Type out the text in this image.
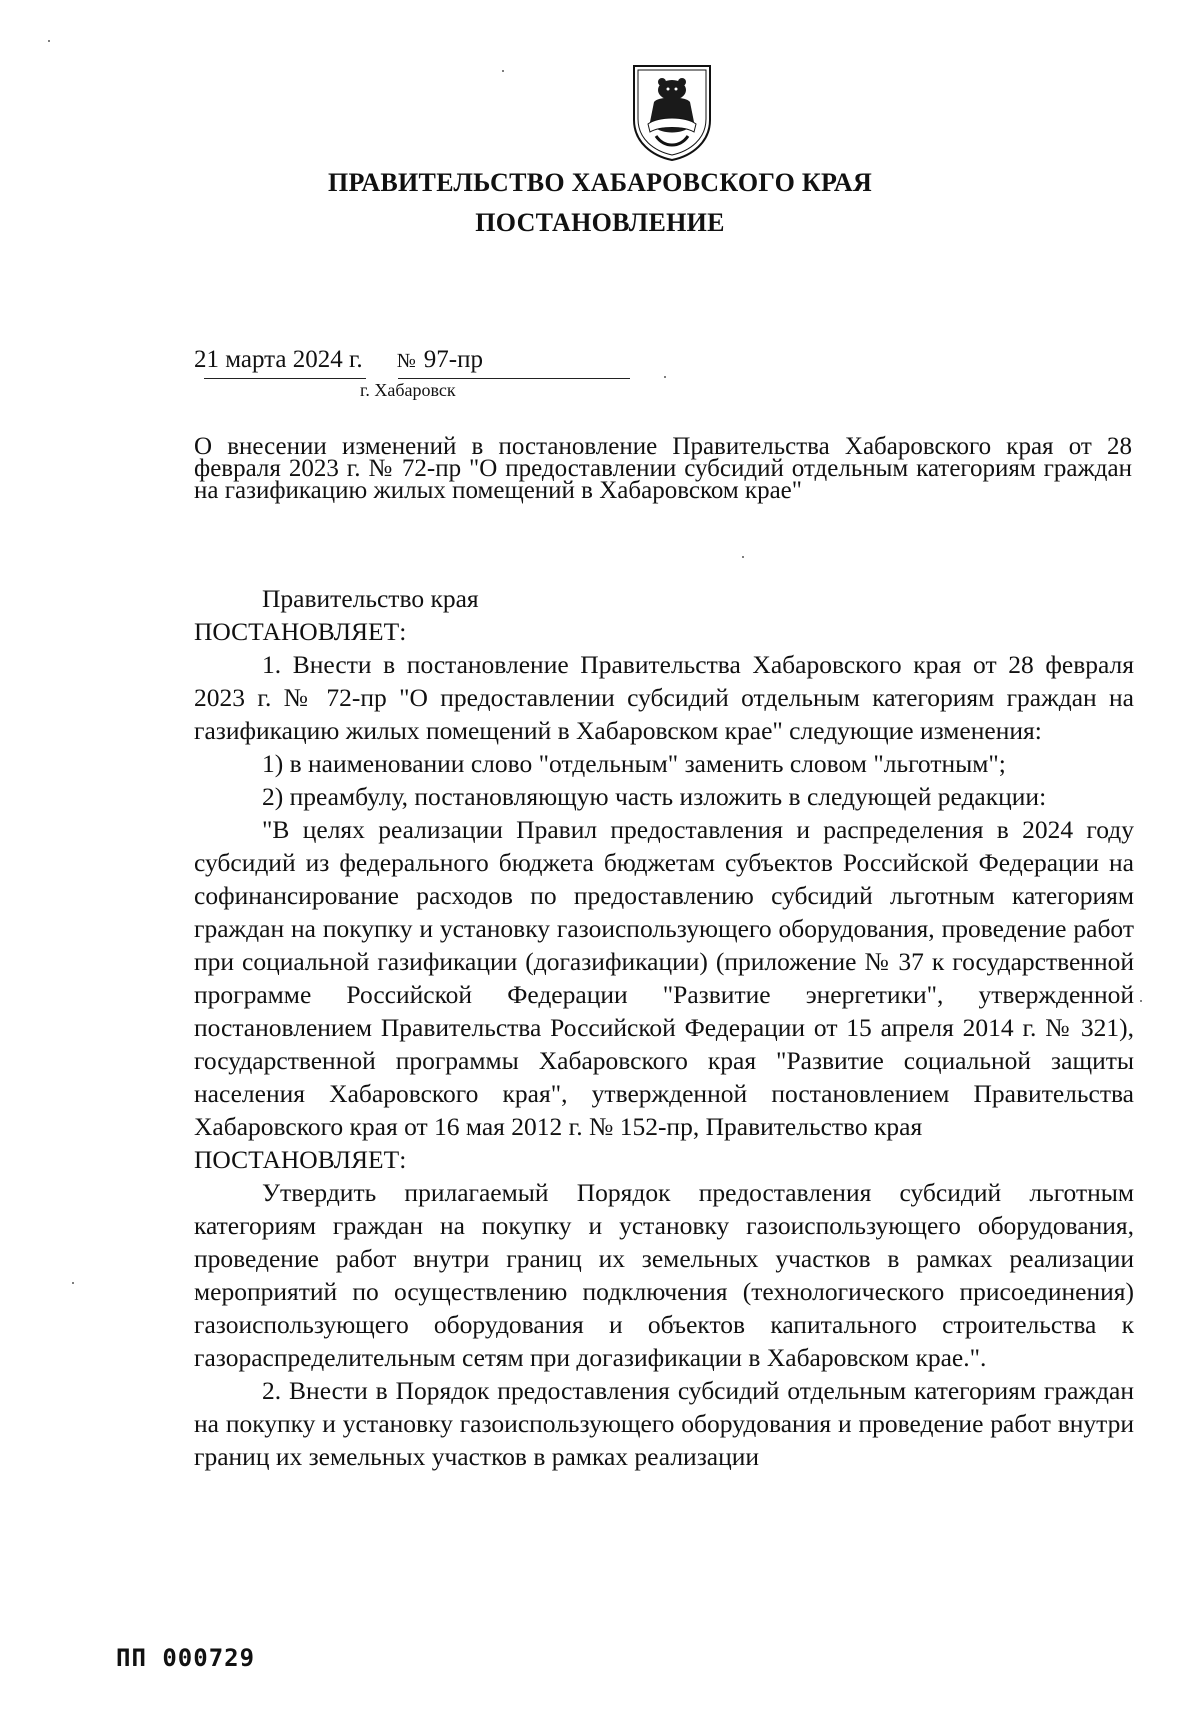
ПРАВИТЕЛЬСТВО ХАБАРОВСКОГО КРАЯ
ПОСТАНОВЛЕНИЕ
21 марта 2024 г. № 97-пр
г. Хабаровск
О внесении изменений в постановление Правительства Хабаровского края от 28 февраля 2023 г. № 72-пр "О предоставлении субсидий отдельным категориям граждан на газификацию жилых помещений в Хабаровском крае"

Правительство края

ПОСТАНОВЛЯЕТ:

1. Внести в постановление Правительства Хабаровского края от 28 февраля 2023 г. № 72-пр "О предоставлении субсидий отдельным категориям граждан на газификацию жилых помещений в Хабаровском крае" следующие изменения:

1) в наименовании слово "отдельным" заменить словом "льготным";

2) преамбулу, постановляющую часть изложить в следующей редакции:

"В целях реализации Правил предоставления и распределения в 2024 году субсидий из федерального бюджета бюджетам субъектов Российской Федерации на софинансирование расходов по предоставлению субсидий льготным категориям граждан на покупку и установку газоиспользующего оборудования, проведение работ при социальной газификации (догазификации) (приложение № 37 к государственной программе Российской Федерации "Развитие энергетики", утвержденной постановлением Правительства Российской Федерации от 15 апреля 2014 г. № 321), государственной программы Хабаровского края "Развитие социальной защиты населения Хабаровского края", утвержденной постановлением Правительства Хабаровского края от 16 мая 2012 г. № 152-пр, Правительство края

ПОСТАНОВЛЯЕТ:

Утвердить прилагаемый Порядок предоставления субсидий льготным категориям граждан на покупку и установку газоиспользующего оборудования, проведение работ внутри границ их земельных участков в рамках реализации мероприятий по осуществлению подключения (технологического присоединения) газоиспользующего оборудования и объектов капитального строительства к газораспределительным сетям при догазификации в Хабаровском крае.".

2. Внести в Порядок предоставления субсидий отдельным категориям граждан на покупку и установку газоиспользующего оборудования и проведение работ внутри границ их земельных участков в рамках реализации

ПП 000729
